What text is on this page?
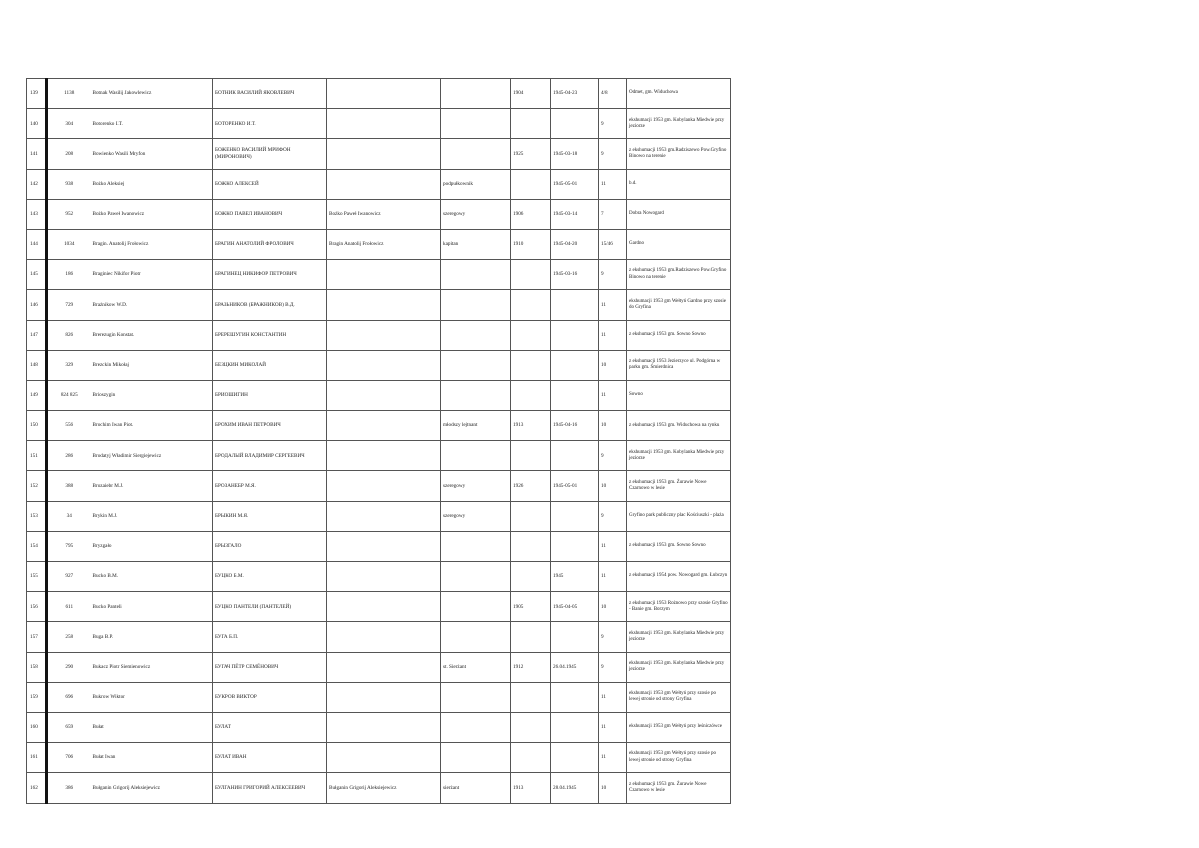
139	1138	Botnak Wasilij Jakowlewicz	БОТНИК ВАСИЛИЙ ЯКОВЛЕВИЧ			1904	1945-04-23	4/8	Odmet, gm. Widuchowa
140	304	Botorenko I.T.	БОТОРЕНКО И.Т.					9	ekshumacji 1953 gm. Kobylanka Miedwie przy jeziorze
141	208	Bowienko Wasili Mryfon	БОЖЕНКО ВАСИЛИЙ МРИФОН (МИРОНОВИЧ)			1925	1945-03-18	9	z ekshumacji 1953 gm.Radziszewo Pow.Gryfino Binowo na terenie
142	938	Bożko Aleksiej	БОЖКО АЛЕКСЕЙ		podpułkownik		1945-05-01	11	b.d.
143	952	Bożko Paweł Iwanowicz	БОЖКО ПАВЕЛ ИВАНОВИЧ	Bożko Paweł Iwanowicz	szeregowy	1906	1945-03-14	7	Dobra Nowogard
144	1034	Bragin. Anatolij Frołowicz	БРАГИН АНАТОЛИЙ ФРОЛОВИЧ	Bragin Anatolij Frołowicz	kapitan	1910	1945-04-20	15/46	Gardno
145	186	Braginiec Nikifor Piotr	БРАГИНЕЦ НИКИФОР ПЕТРОВИЧ				1945-03-16	9	z ekshumacji 1953 gm.Radziszewo Pow.Gryfino Binowo na terenie
146	729	Brażnikow W.D.	БРАЗЬНИКОВ (БРАЖНИКОВ) В.Д.					11	ekshumacji 1953 gm Wełtyń Gardno przy szosie do Gryfina
147	826	Brerezugin Konstat.	БРЕРЕШУГИН КОНСТАНТИН					11	z ekshumacji 1953 gm. Sowno Sowno
148	329	Brezckin Mikołaj	БЕЗЦКИН МИКОЛАЙ					10	z ekshumacji 1953 Jezierzyce ul. Podgórna w parku gm. Śmierdnica
149	824 825	Brioszygin	БРИОШИГИН					11	Sowno
150	556	Brochim Iwan Piot.	БРОХИМ ИВАН ПЕТРОВИЧ		młodszy lejtnant	1913	1945-04-16	10	z ekshumacji 1953 gm. Widuchowa na rynku
151	286	Brodatyj Władimir Siergiejewicz	БРОДАЛЫЙ ВЛАДИМИР СЕРГЕЕВИЧ					9	ekshumacji 1953 gm. Kobylanka Miedwie przy jeziorze
152	388	Brozaiebr M.J.	БРОЗАНЕБР М.Я.		szeregowy	1926	1945-05-01	10	z ekshumacji 1953 gm. Żurawie Nowe Czarnowo w lesie
153	34	Brykin M.J.	БРЫКИН М.Я.		szeregowy			9	Gryfino park publiczny plac Kościuszki - plaża
154	795	Bryzgało	БРЫЗГАЛО					11	z ekshumacji 1953 gm. Sowno Sowno
155	927	Bucko B.M.	БУЦКО Б.М.				1945	11	z ekshumacji 1954 pow. Nowogard gm. Łubczyn
156	611	Bucko Pantelі	БУЦКО ПАНТЕЛИ (ПАНТЕЛЕЙ)			1905	1945-04-05	10	z ekshumacji 1953 Rożnowo przy szosie Gryfino - Banie gm. Borzym
157	258	Buga B.P.	БУГА Б.П.					9	ekshumacji 1953 gm. Kobylanka Miedwie przy jeziorze
158	290	Bukacz Piotr Siemienowicz	БУГАЧ ПЁТР СЕМЁНОВИЧ		st. Sierżant	1912	26.04.1945	9	ekshumacji 1953 gm. Kobylanka Miedwie przy jeziorze
159	696	Bukrow Wiktor	БУКРОВ ВИКТОР					11	ekshumacji 1953 gm Wełtyń przy szosie po lewej stronie od strony Gryfina
160	659	Bułat	БУЛАТ					11	ekshumacji 1953 gm Wełtyń przy leśniczówce
161	706	Bułat Iwan	БУЛАТ ИВАН					11	ekshumacji 1953 gm Wełtyń przy szosie po lewej stronie od strony Gryfina
162	386	Bułganin Grigorij Aleksiejewicz	БУЛГАНИН ГРИГОРИЙ АЛЕКСЕЕВИЧ	Bułganin Grigorij Aleksiejewicz	sierżant	1913	28.04.1945	10	z ekshumacji 1953 gm. Żurawie Nowe Czarnowo w lesie
